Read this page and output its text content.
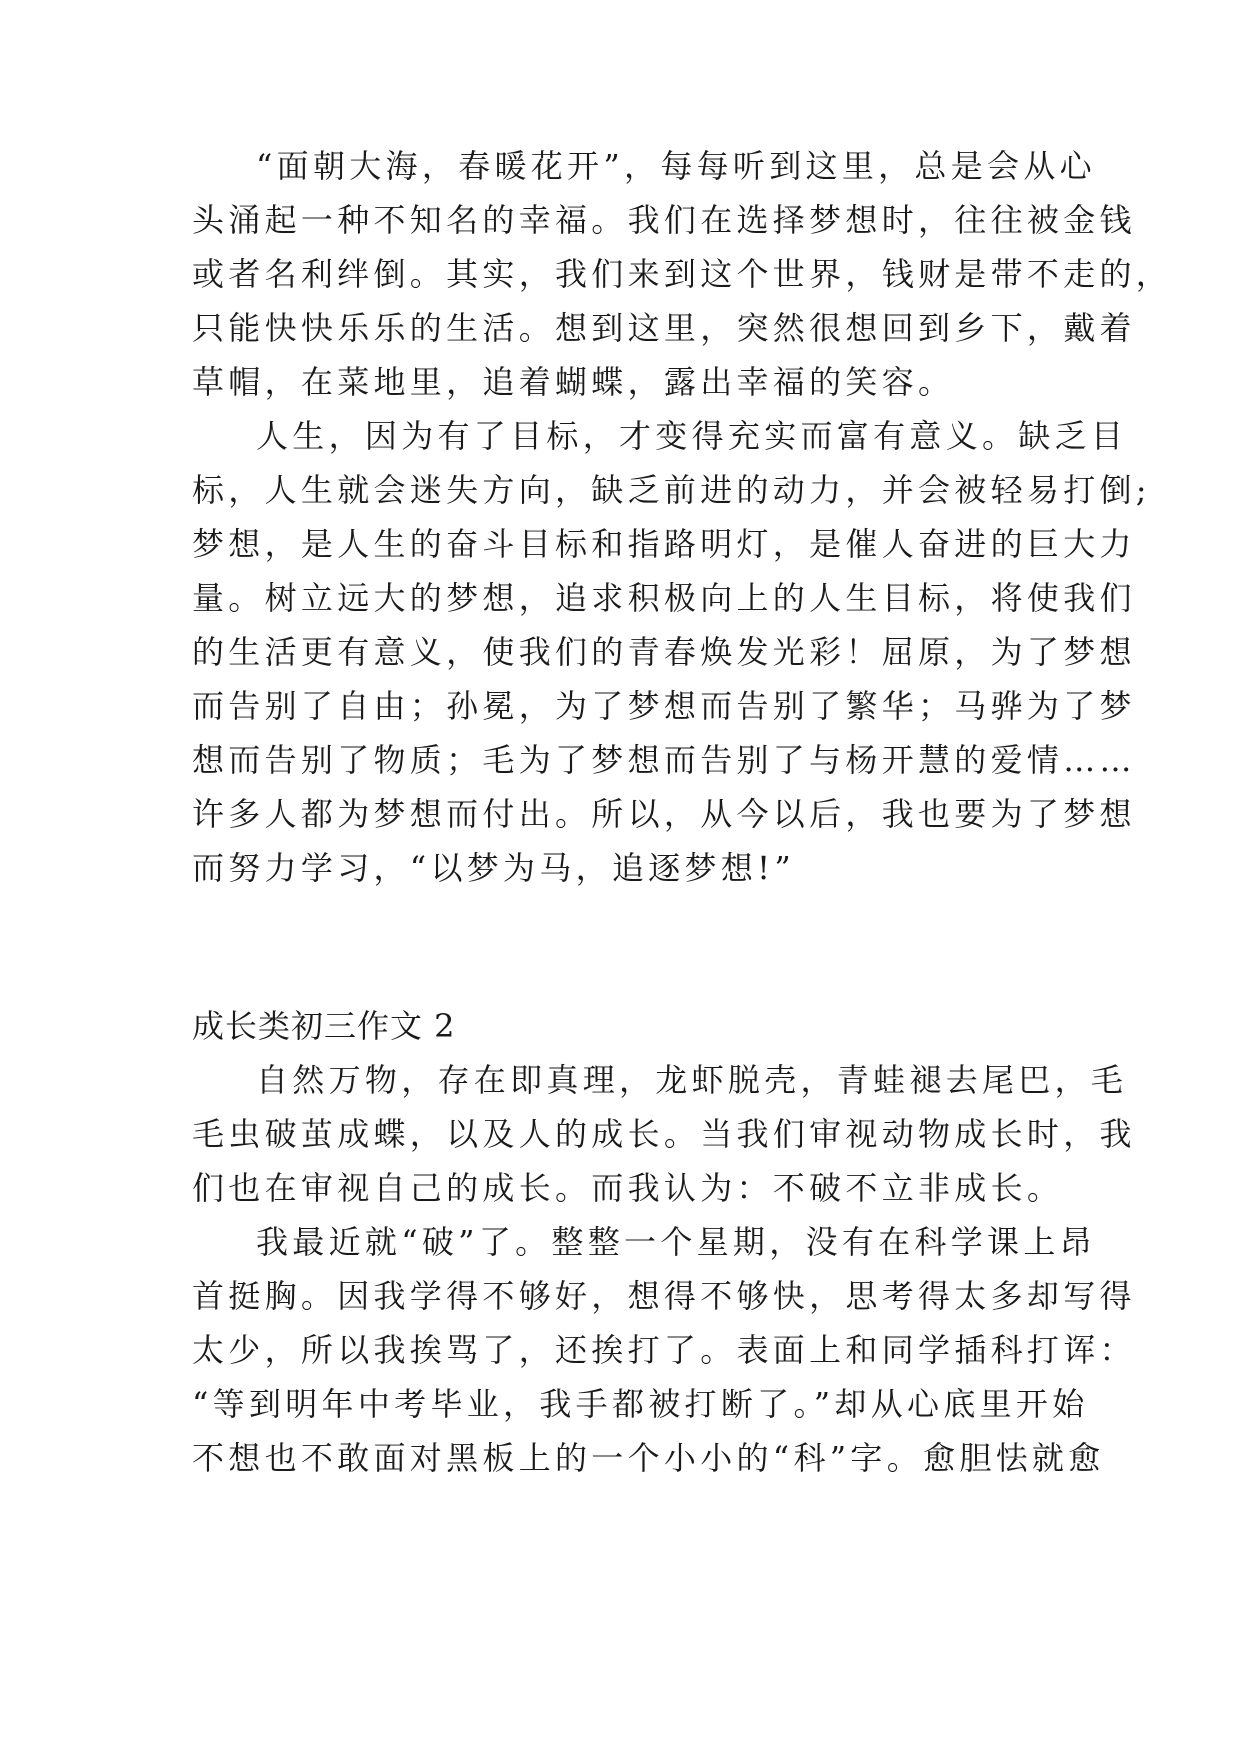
“面朝大海，春暖花开”，每每听到这里，总是会从心
头涌起一种不知名的幸福。我们在选择梦想时，往往被金钱
或者名利绊倒。其实，我们来到这个世界，钱财是带不走的，
只能快快乐乐的生活。想到这里，突然很想回到乡下，戴着
草帽，在菜地里，追着蝴蝶，露出幸福的笑容。
人生，因为有了目标，才变得充实而富有意义。缺乏目
标，人生就会迷失方向，缺乏前进的动力，并会被轻易打倒;
梦想，是人生的奋斗目标和指路明灯，是催人奋进的巨大力
量。树立远大的梦想，追求积极向上的人生目标，将使我们
的生活更有意义，使我们的青春焕发光彩！屈原，为了梦想
而告别了自由；孙冕，为了梦想而告别了繁华；马骅为了梦
想而告别了物质；毛为了梦想而告别了与杨开慧的爱情……
许多人都为梦想而付出。所以，从今以后，我也要为了梦想
而努力学习，“以梦为马，追逐梦想!”
成长类初三作文 2
自然万物，存在即真理，龙虾脱壳，青蛙褪去尾巴，毛
毛虫破茧成蝶，以及人的成长。当我们审视动物成长时，我
们也在审视自己的成长。而我认为：不破不立非成长。
我最近就“破”了。整整一个星期，没有在科学课上昂
首挺胸。因我学得不够好，想得不够快，思考得太多却写得
太少，所以我挨骂了，还挨打了。表面上和同学插科打诨：
“等到明年中考毕业，我手都被打断了。”却从心底里开始
不想也不敢面对黑板上的一个小小的“科”字。愈胆怯就愈
